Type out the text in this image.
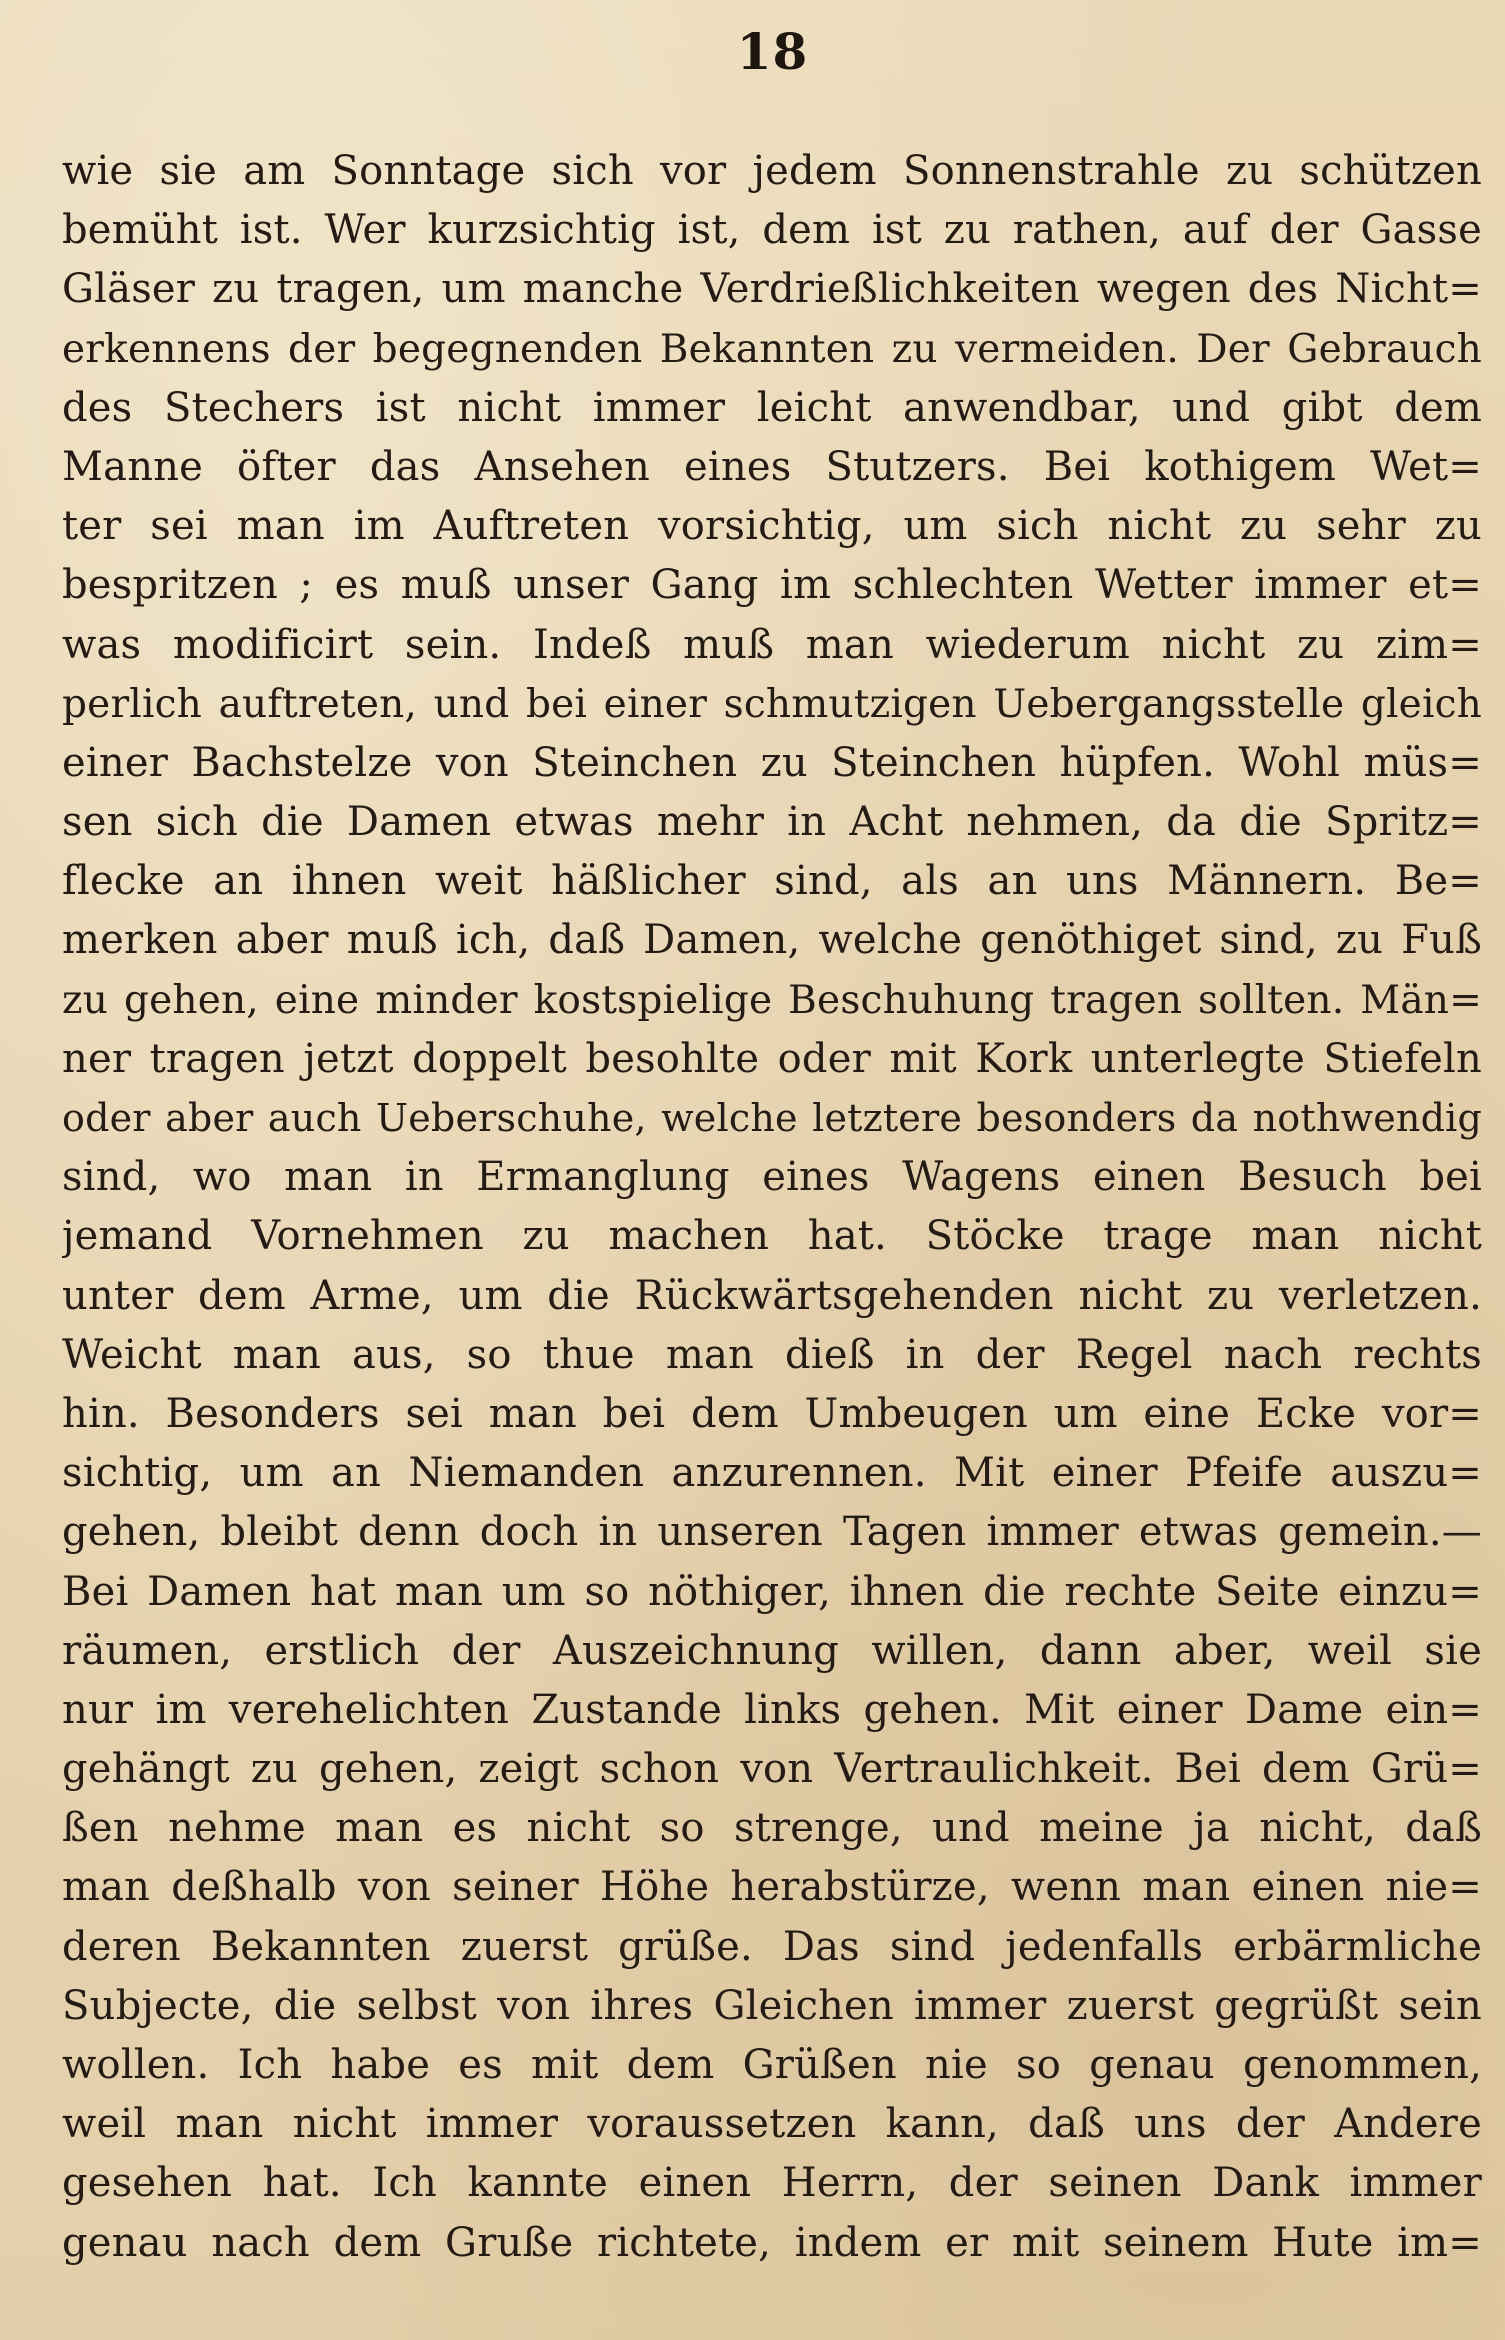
18
wie sie am Sonntage sich vor jedem Sonnenstrahle zu schützen
bemüht ist. Wer kurzsichtig ist, dem ist zu rathen, auf der Gasse
Gläser zu tragen, um manche Verdrießlichkeiten wegen des Nicht=
erkennens der begegnenden Bekannten zu vermeiden. Der Gebrauch
des Stechers ist nicht immer leicht anwendbar, und gibt dem
Manne öfter das Ansehen eines Stutzers. Bei kothigem Wet=
ter sei man im Auftreten vorsichtig, um sich nicht zu sehr zu
bespritzen ; es muß unser Gang im schlechten Wetter immer et=
was modificirt sein. Indeß muß man wiederum nicht zu zim=
perlich auftreten, und bei einer schmutzigen Uebergangsstelle gleich
einer Bachstelze von Steinchen zu Steinchen hüpfen. Wohl müs=
sen sich die Damen etwas mehr in Acht nehmen, da die Spritz=
flecke an ihnen weit häßlicher sind, als an uns Männern. Be=
merken aber muß ich, daß Damen, welche genöthiget sind, zu Fuß
zu gehen, eine minder kostspielige Beschuhung tragen sollten. Män=
ner tragen jetzt doppelt besohlte oder mit Kork unterlegte Stiefeln
oder aber auch Ueberschuhe, welche letztere besonders da nothwendig
sind, wo man in Ermanglung eines Wagens einen Besuch bei
jemand Vornehmen zu machen hat. Stöcke trage man nicht
unter dem Arme, um die Rückwärtsgehenden nicht zu verletzen.
Weicht man aus, so thue man dieß in der Regel nach rechts
hin. Besonders sei man bei dem Umbeugen um eine Ecke vor=
sichtig, um an Niemanden anzurennen. Mit einer Pfeife auszu=
gehen, bleibt denn doch in unseren Tagen immer etwas gemein.—
Bei Damen hat man um so nöthiger, ihnen die rechte Seite einzu=
räumen, erstlich der Auszeichnung willen, dann aber, weil sie
nur im verehelichten Zustande links gehen. Mit einer Dame ein=
gehängt zu gehen, zeigt schon von Vertraulichkeit. Bei dem Grü=
ßen nehme man es nicht so strenge, und meine ja nicht, daß
man deßhalb von seiner Höhe herabstürze, wenn man einen nie=
deren Bekannten zuerst grüße. Das sind jedenfalls erbärmliche
Subjecte, die selbst von ihres Gleichen immer zuerst gegrüßt sein
wollen. Ich habe es mit dem Grüßen nie so genau genommen,
weil man nicht immer voraussetzen kann, daß uns der Andere
gesehen hat. Ich kannte einen Herrn, der seinen Dank immer
genau nach dem Gruße richtete, indem er mit seinem Hute im=
